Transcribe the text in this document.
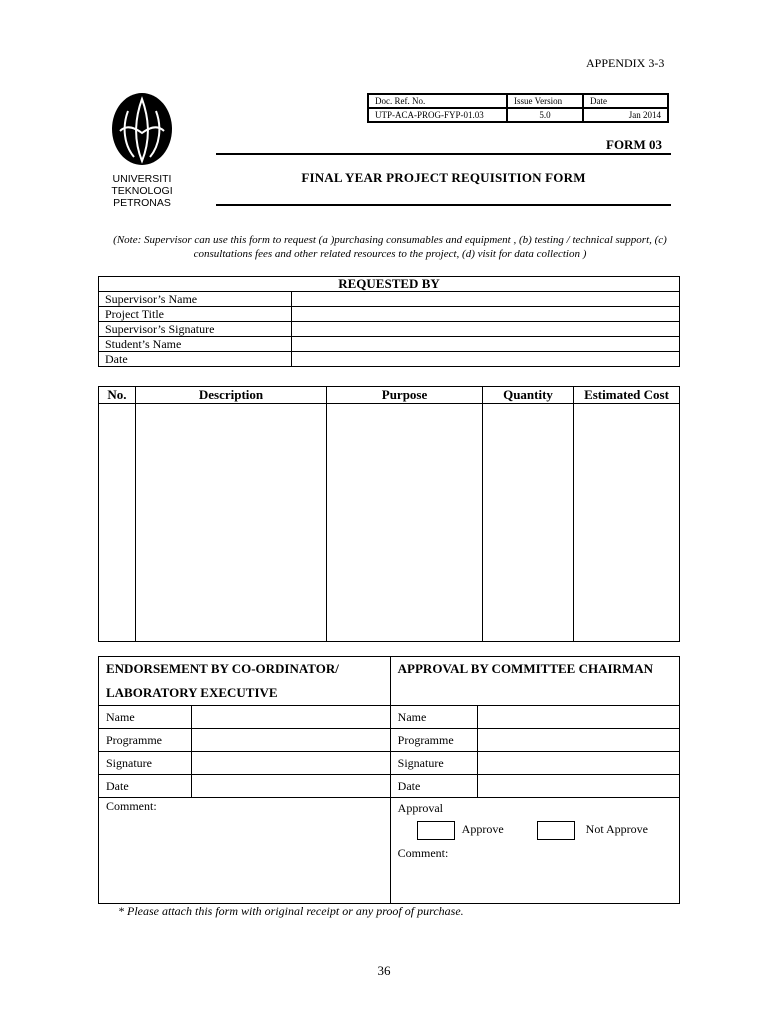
APPENDIX 3-3
UNIVERSITI
TEKNOLOGI
PETRONAS
Doc. Ref. No.	Issue Version	Date
UTP-ACA-PROG-FYP-01.03	5.0	Jan 2014
FORM 03
FINAL YEAR PROJECT REQUISITION FORM
(Note: Supervisor can use this form to request (a )purchasing consumables and equipment , (b) testing / technical support, (c) consultations fees and other related resources to the project, (d) visit for data collection )
REQUESTED BY	
Supervisor’s Name	
Project Title	
Supervisor’s Signature	
Student’s Name	
Date	
No.	Description	Purpose	Quantity	Estimated Cost

ENDORSEMENT BY CO-ORDINATOR/ LABORATORY EXECUTIVE		APPROVAL BY COMMITTEE CHAIRMAN	
Name		Name	
Programme		Programme	
Signature		Signature	
Date		Date	
Comment:		Approval
Approve Not Approve
Comment:	
* Please attach this form with original receipt or any proof of purchase.
36
